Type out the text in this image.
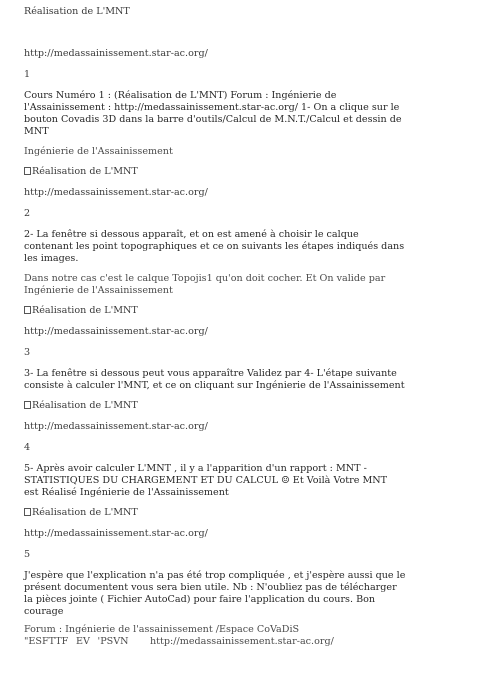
Réalisation de L'MNT

http://medassainissement.star-ac.org/

1

Cours Numéro 1 : (Réalisation de L'MNT) Forum : Ingénierie de

l'Assainissement : http://medassainissement.star-ac.org/ 1- On a clique sur le

bouton Covadis 3D dans la barre d'outils/Calcul de M.N.T./Calcul et dessin de

MNT

Ingénierie de l'Assainissement

Réalisation de L'MNT

http://medassainissement.star-ac.org/

2

2- La fenêtre si dessous apparaît, et on est amené à choisir le calque

contenant les point topographiques et ce on suivants les étapes indiqués dans

les images.

Dans notre cas c'est le calque Topojis1 qu'on doit cocher. Et On valide par

Ingénierie de l'Assainissement

Réalisation de L'MNT

http://medassainissement.star-ac.org/

3

3- La fenêtre si dessous peut vous apparaître Validez par 4- L'étape suivante

consiste à calculer l'MNT, et ce on cliquant sur Ingénierie de l'Assainissement

Réalisation de L'MNT

http://medassainissement.star-ac.org/

4

5- Après avoir calculer L'MNT , il y a l'apparition d'un rapport : MNT -

STATISTIQUES DU CHARGEMENT ET DU CALCUL ☺ Et Voilà Votre MNT

est Réalisé Ingénierie de l'Assainissement

Réalisation de L'MNT

http://medassainissement.star-ac.org/

5

J'espère que l'explication n'a pas été trop compliquée , et j'espère aussi que le

présent documentent vous sera bien utile. Nb : N'oubliez pas de télécharger

la pièces jointe ( Fichier AutoCad) pour faire l'application du cours. Bon

courage

Forum : Ingénierie de l'assainissement /Espace CoVaDiS

"ESFTTFEV'PSVN  http://medassainissement.star-ac.org/
